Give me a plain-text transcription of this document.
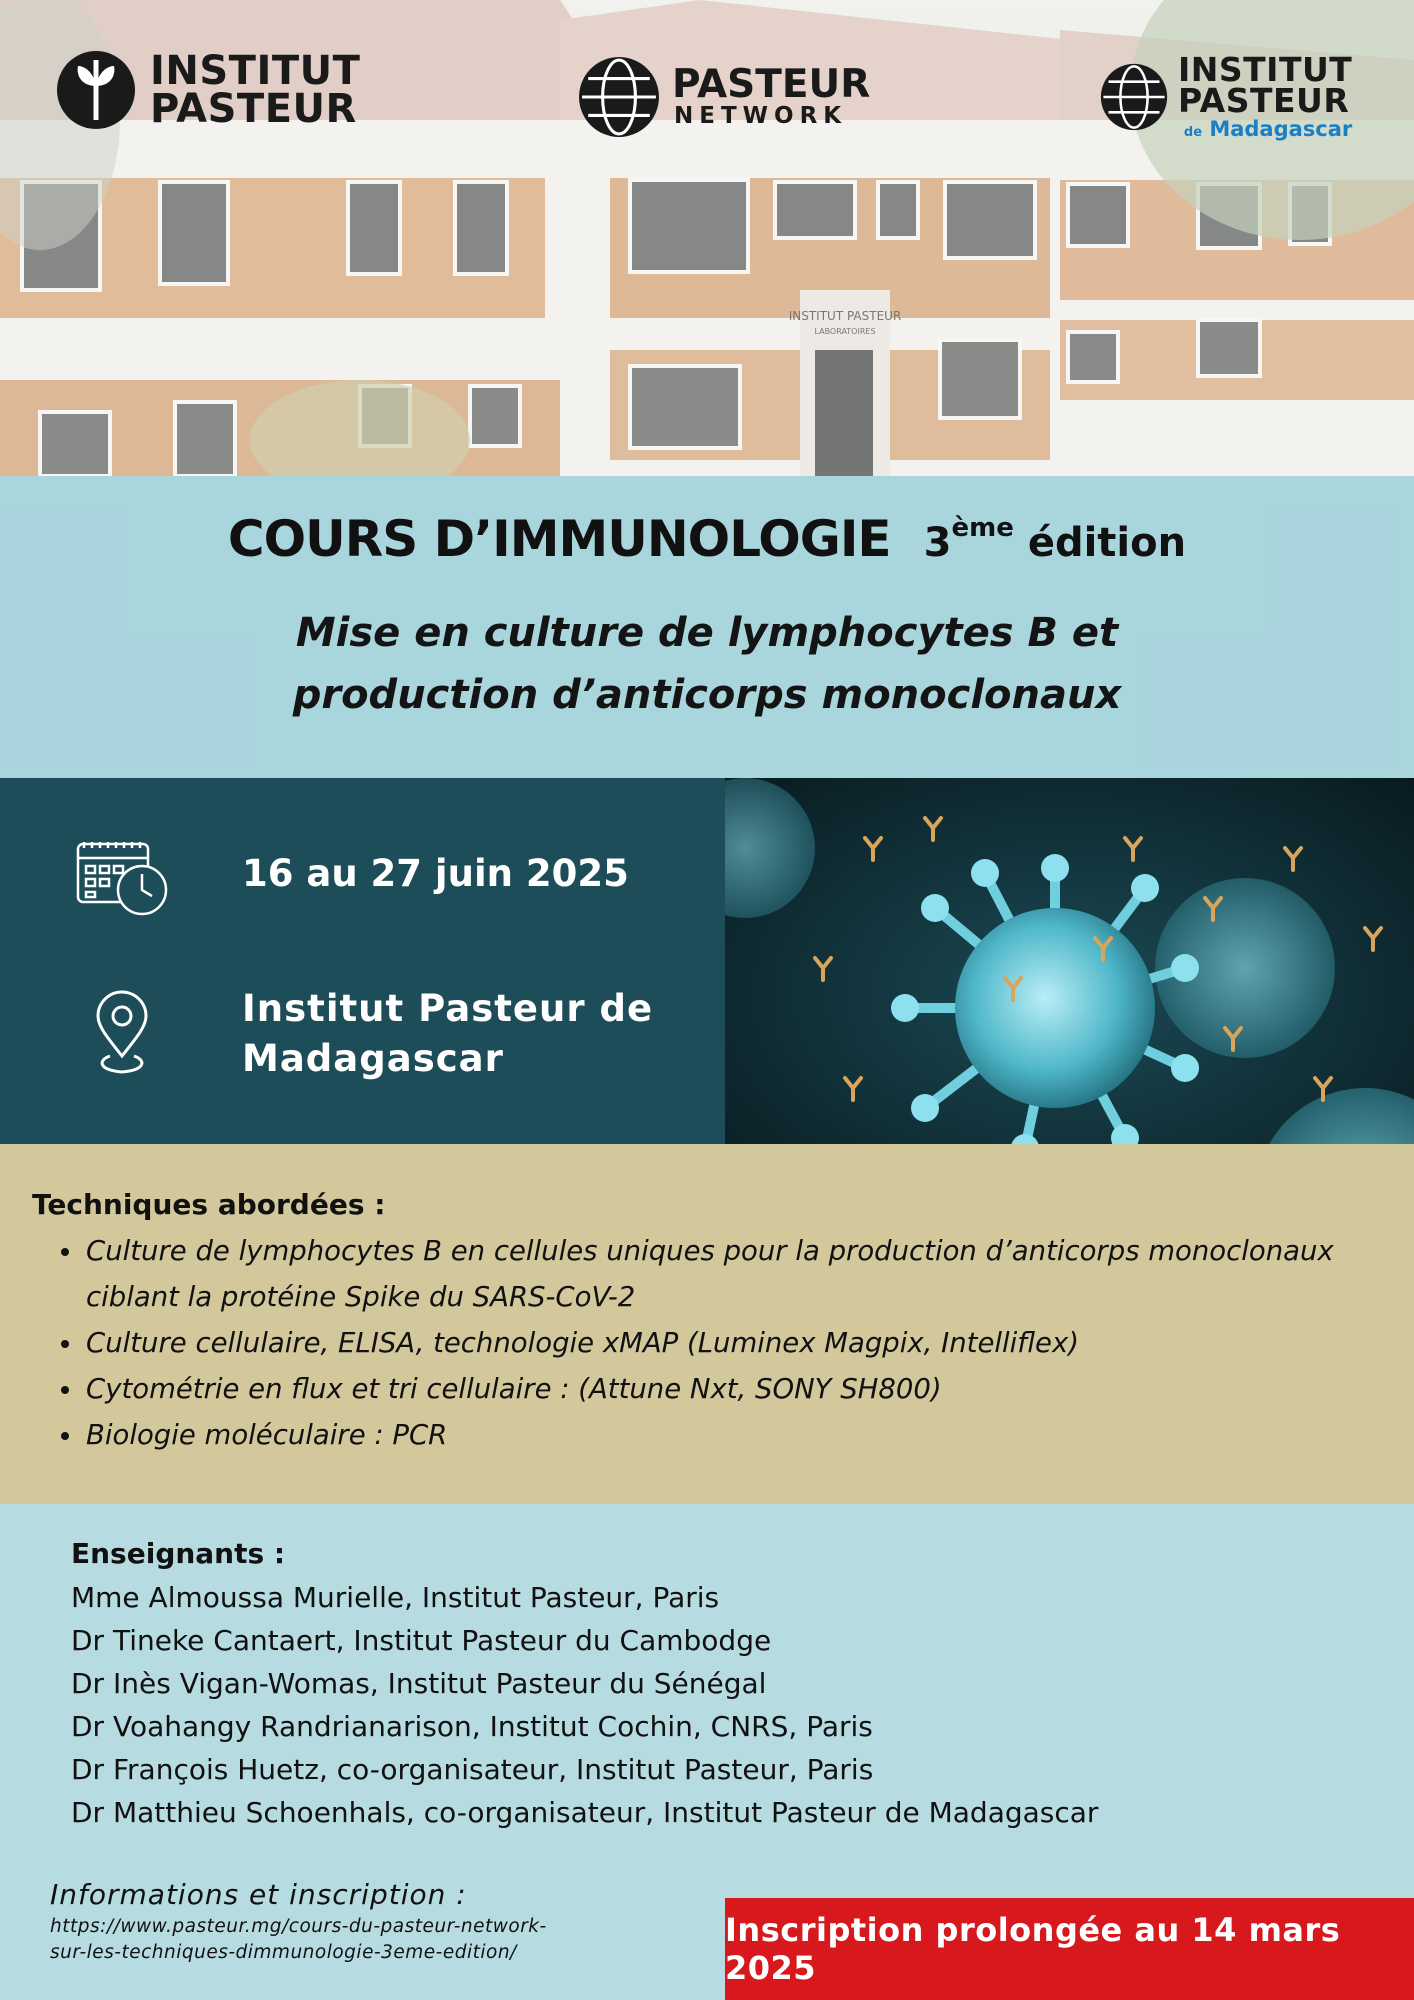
INSTITUT PASTEUR
LABORATOIRES
INSTITUT
PASTEUR
PASTEUR
NETWORK
INSTITUT
PASTEUR
de Madagascar
COURS D’IMMUNOLOGIE 3ème édition
Mise en culture de lymphocytes B et
production d’anticorps monoclonaux
16 au 27 juin 2025
Institut Pasteur de
Madagascar
Techniques abordées :
• Culture de lymphocytes B en cellules uniques pour la production d’anticorps monoclonaux ciblant la protéine Spike du SARS-CoV-2
• Culture cellulaire, ELISA, technologie xMAP (Luminex Magpix, Intelliflex)
• Cytométrie en flux et tri cellulaire : (Attune Nxt, SONY SH800)
• Biologie moléculaire : PCR
Enseignants :
Mme Almoussa Murielle, Institut Pasteur, Paris
Dr Tineke Cantaert, Institut Pasteur du Cambodge
Dr Inès Vigan-Womas, Institut Pasteur du Sénégal
Dr Voahangy Randrianarison, Institut Cochin, CNRS, Paris
Dr François Huetz, co-organisateur, Institut Pasteur, Paris
Dr Matthieu Schoenhals, co-organisateur, Institut Pasteur de Madagascar
Informations et inscription :
https://www.pasteur.mg/cours-du-pasteur-network-
sur-les-techniques-dimmunologie-3eme-edition/
Inscription prolongée au 14 mars 2025
